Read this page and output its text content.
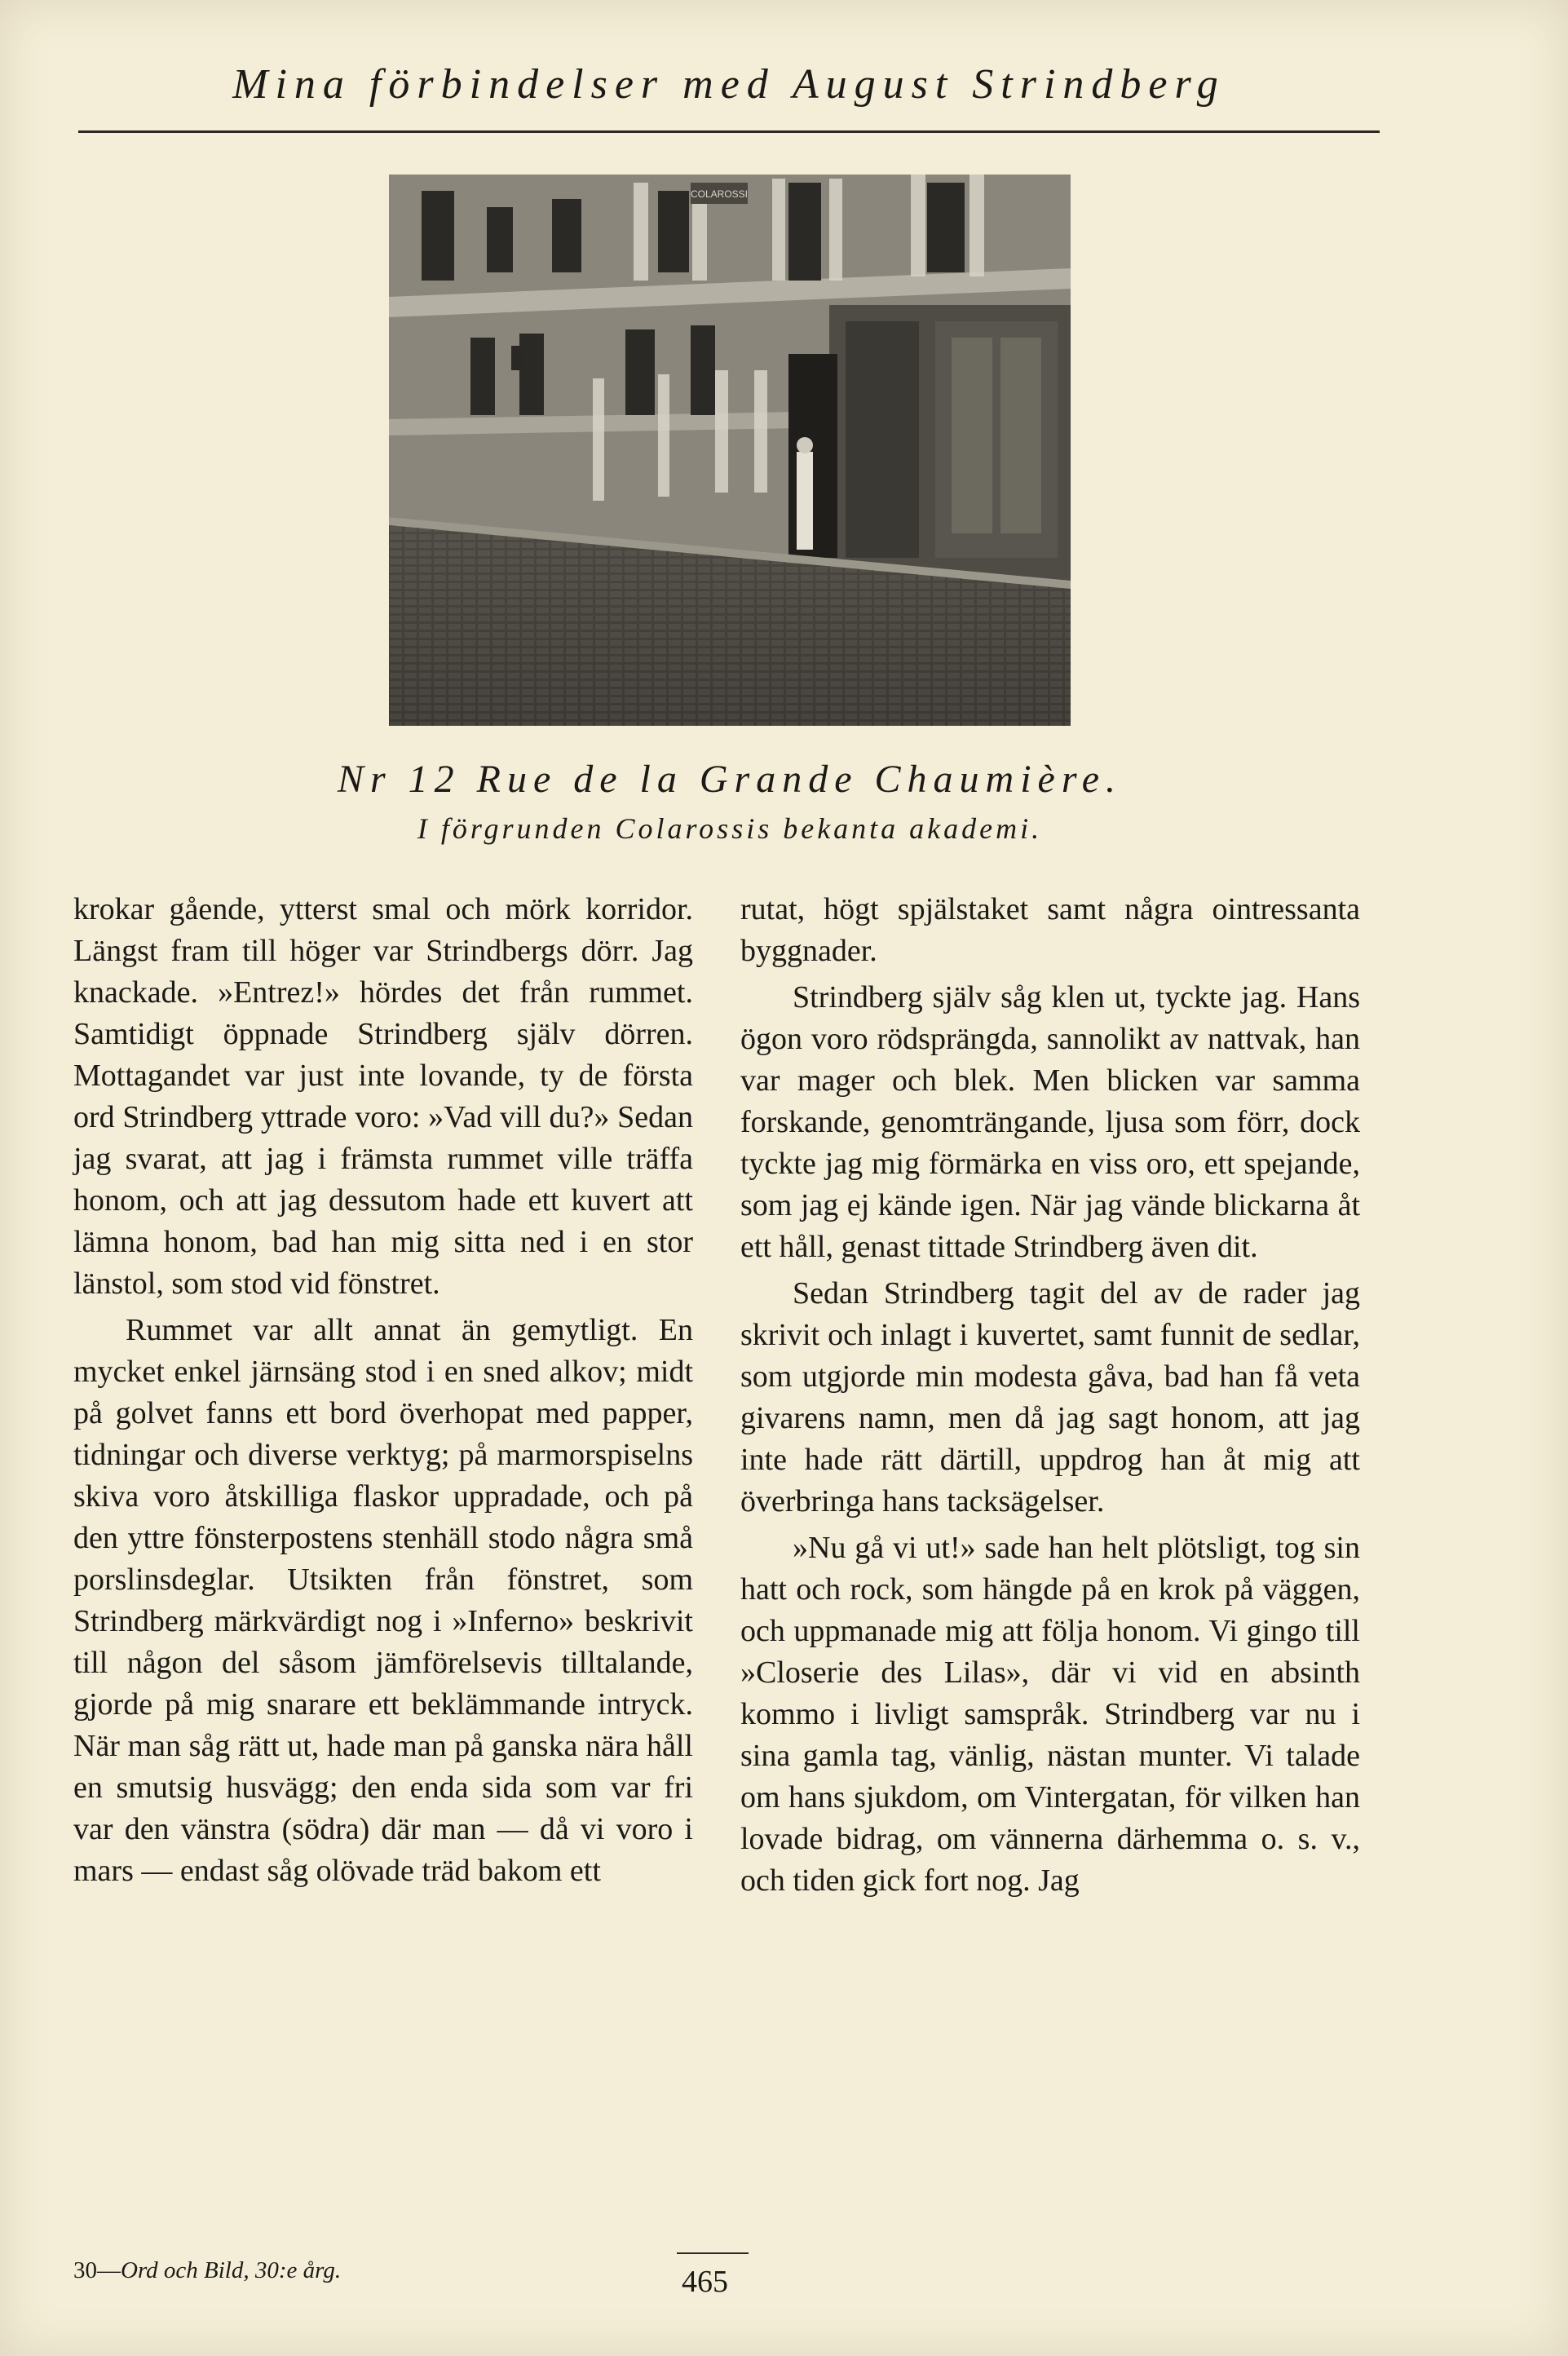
Mina förbindelser med August Strindberg
COLAROSSI
Nr 12 Rue de la Grande Chaumière.
I förgrunden Colarossis bekanta akademi.

krokar gående, ytterst smal och mörk korridor. Längst fram till höger var Strindbergs dörr. Jag knackade. »Entrez!» hördes det från rummet. Samtidigt öppnade Strindberg själv dörren. Mottagandet var just inte lovande, ty de första ord Strindberg yttrade voro: »Vad vill du?» Sedan jag svarat, att jag i främsta rummet ville träffa honom, och att jag dessutom hade ett kuvert att lämna honom, bad han mig sitta ned i en stor länstol, som stod vid fönstret.

Rummet var allt annat än gemytligt. En mycket enkel järnsäng stod i en sned alkov; midt på golvet fanns ett bord överhopat med papper, tidningar och diverse verktyg; på marmorspiselns skiva voro åtskilliga flaskor uppradade, och på den yttre fönsterpostens stenhäll stodo några små porslinsdeglar. Utsikten från fönstret, som Strindberg märkvärdigt nog i »Inferno» beskrivit till någon del såsom jämförelsevis tilltalande, gjorde på mig snarare ett beklämmande intryck. När man såg rätt ut, hade man på ganska nära håll en smutsig husvägg; den enda sida som var fri var den vänstra (södra) där man — då vi voro i mars — endast såg olövade träd bakom ett

rutat, högt spjälstaket samt några ointressanta byggnader.

Strindberg själv såg klen ut, tyckte jag. Hans ögon voro rödsprängda, sannolikt av nattvak, han var mager och blek. Men blicken var samma forskande, genomträngande, ljusa som förr, dock tyckte jag mig förmärka en viss oro, ett spejande, som jag ej kände igen. När jag vände blickarna åt ett håll, genast tittade Strindberg även dit.

Sedan Strindberg tagit del av de rader jag skrivit och inlagt i kuvertet, samt funnit de sedlar, som utgjorde min modesta gåva, bad han få veta givarens namn, men då jag sagt honom, att jag inte hade rätt därtill, uppdrog han åt mig att överbringa hans tacksägelser.

»Nu gå vi ut!» sade han helt plötsligt, tog sin hatt och rock, som hängde på en krok på väggen, och uppmanade mig att följa honom. Vi gingo till »Closerie des Lilas», där vi vid en absinth kommo i livligt samspråk. Strindberg var nu i sina gamla tag, vänlig, nästan munter. Vi talade om hans sjukdom, om Vintergatan, för vilken han lovade bidrag, om vännerna därhemma o. s. v., och tiden gick fort nog. Jag

30—Ord och Bild, 30:e årg.	465
